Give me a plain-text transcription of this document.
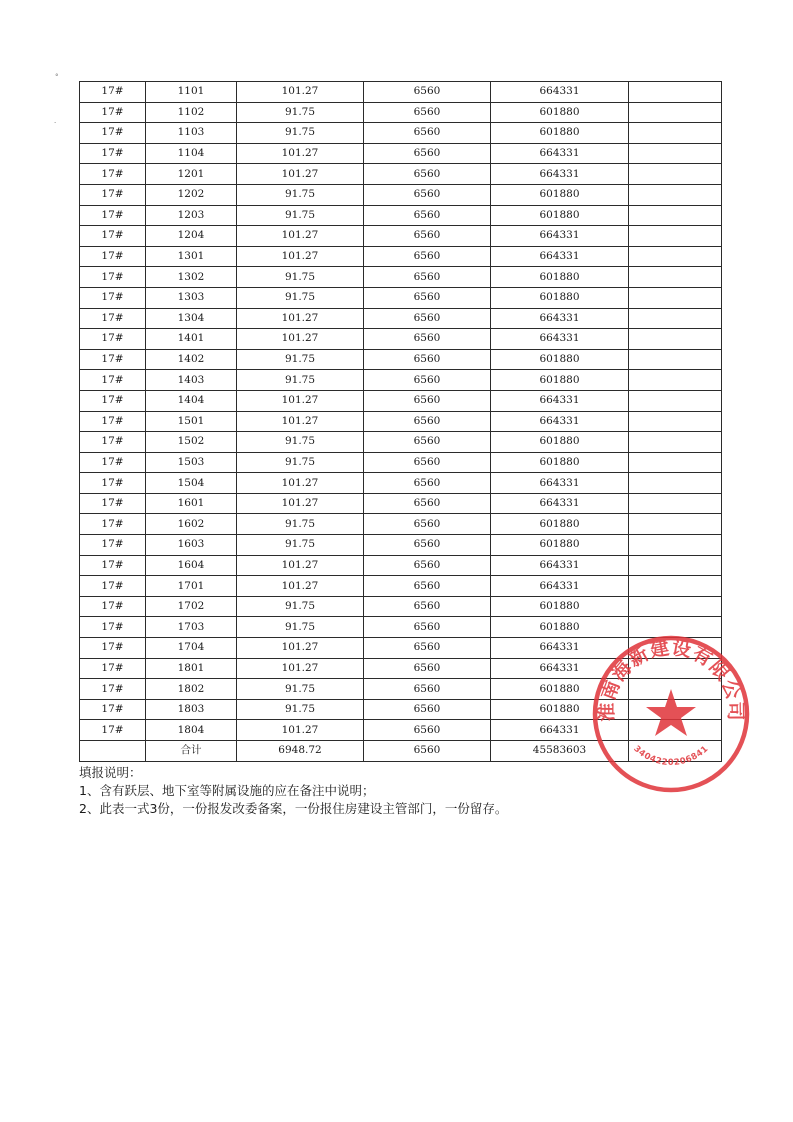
°
·
17#	1101	101.27	6560	664331	
17#	1102	91.75	6560	601880	
17#	1103	91.75	6560	601880	
17#	1104	101.27	6560	664331	
17#	1201	101.27	6560	664331	
17#	1202	91.75	6560	601880	
17#	1203	91.75	6560	601880	
17#	1204	101.27	6560	664331	
17#	1301	101.27	6560	664331	
17#	1302	91.75	6560	601880	
17#	1303	91.75	6560	601880	
17#	1304	101.27	6560	664331	
17#	1401	101.27	6560	664331	
17#	1402	91.75	6560	601880	
17#	1403	91.75	6560	601880	
17#	1404	101.27	6560	664331	
17#	1501	101.27	6560	664331	
17#	1502	91.75	6560	601880	
17#	1503	91.75	6560	601880	
17#	1504	101.27	6560	664331	
17#	1601	101.27	6560	664331	
17#	1602	91.75	6560	601880	
17#	1603	91.75	6560	601880	
17#	1604	101.27	6560	664331	
17#	1701	101.27	6560	664331	
17#	1702	91.75	6560	601880	
17#	1703	91.75	6560	601880	
17#	1704	101.27	6560	664331	
17#	1801	101.27	6560	664331	
17#	1802	91.75	6560	601880	
17#	1803	91.75	6560	601880	
17#	1804	101.27	6560	664331	
	合计	6948.72	6560	45583603	

填报说明：

1、含有跃层、地下室等附属设施的应在备注中说明；

2、此表一式3份，一份报发改委备案，一份报住房建设主管部门，一份留存。

淮南海新建设有限公司
3404220206841
